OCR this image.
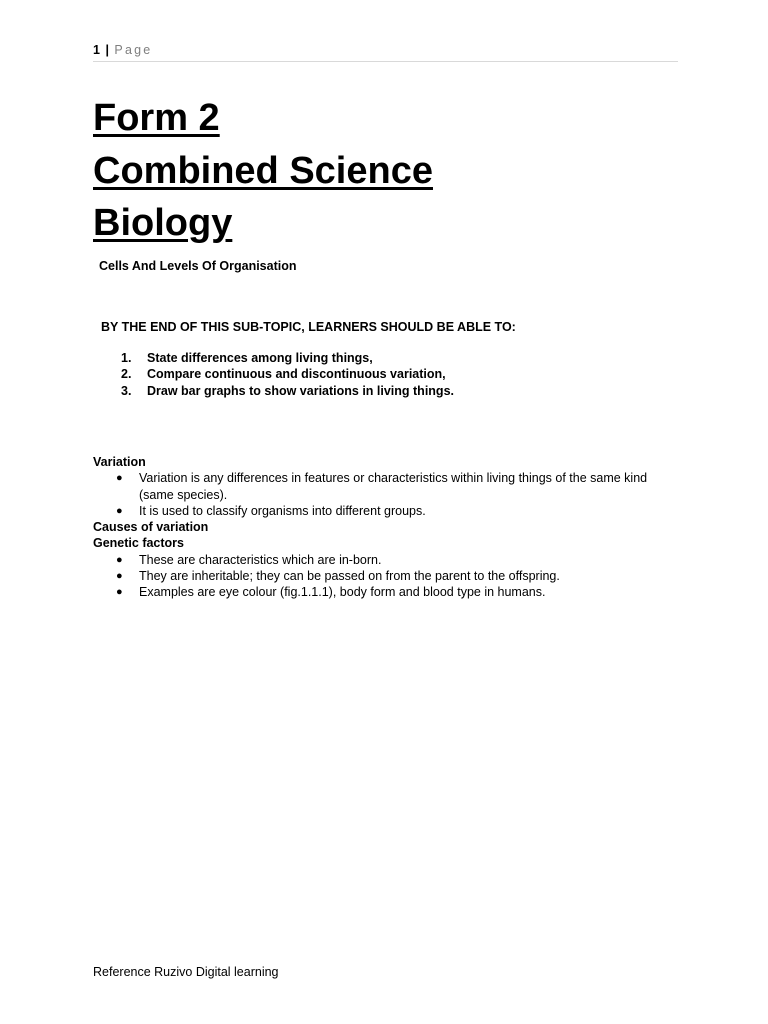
1 | Page
Form 2
Combined Science
Biology
Cells And Levels Of Organisation
BY THE END OF THIS SUB-TOPIC, LEARNERS SHOULD BE ABLE TO:
1.	State differences among living things,
2.	Compare continuous and discontinuous variation,
3.	Draw bar graphs to show variations in living things.
Variation
● Variation is any differences in features or characteristics within living things of the same kind (same species).
● It is used to classify organisms into different groups.
Causes of variation
Genetic factors
● These are characteristics which are in-born.
● They are inheritable; they can be passed on from the parent to the offspring.
● Examples are eye colour (fig.1.1.1), body form and blood type in humans.
Reference Ruzivo Digital learning
